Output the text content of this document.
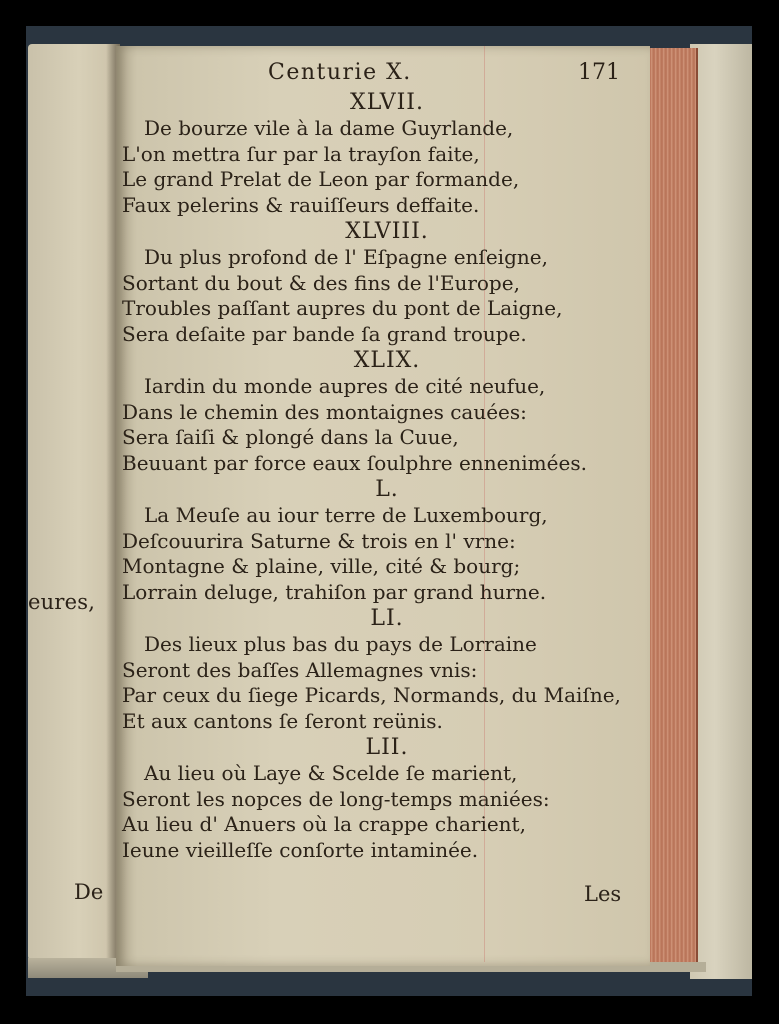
eures,
De
Centurie X.	171
XLVII.
De bourze vile à la dame Guyrlande,
L'on mettra ſur par la trayſon faite,
Le grand Prelat de Leon par formande,
Faux pelerins & rauiſſeurs deffaite.
XLVIII.
Du plus profond de l' Eſpagne enſeigne,
Sortant du bout & des fins de l'Europe,
Troubles paſſant aupres du pont de Laigne,
Sera deſaite par bande ſa grand troupe.
XLIX.
Iardin du monde aupres de cité neufue,
Dans le chemin des montaignes cauées:
Sera ſaiſi & plongé dans la Cuue,
Beuuant par force eaux ſoulphre ennenimées.
L.
La Meuſe au iour terre de Luxembourg,
Deſcouurira Saturne & trois en l' vrne:
Montagne & plaine, ville, cité & bourg;
Lorrain deluge, trahiſon par grand hurne.
LI.
Des lieux plus bas du pays de Lorraine
Seront des baſſes Allemagnes vnis:
Par ceux du ſiege Picards, Normands, du Maiſne,
Et aux cantons ſe ſeront reünis.
LII.
Au lieu où Laye & Scelde ſe marient,
Seront les nopces de long-temps maniées:
Au lieu d' Anuers où la crappe charient,
Ieune vieilleſſe conſorte intaminée.
Les
